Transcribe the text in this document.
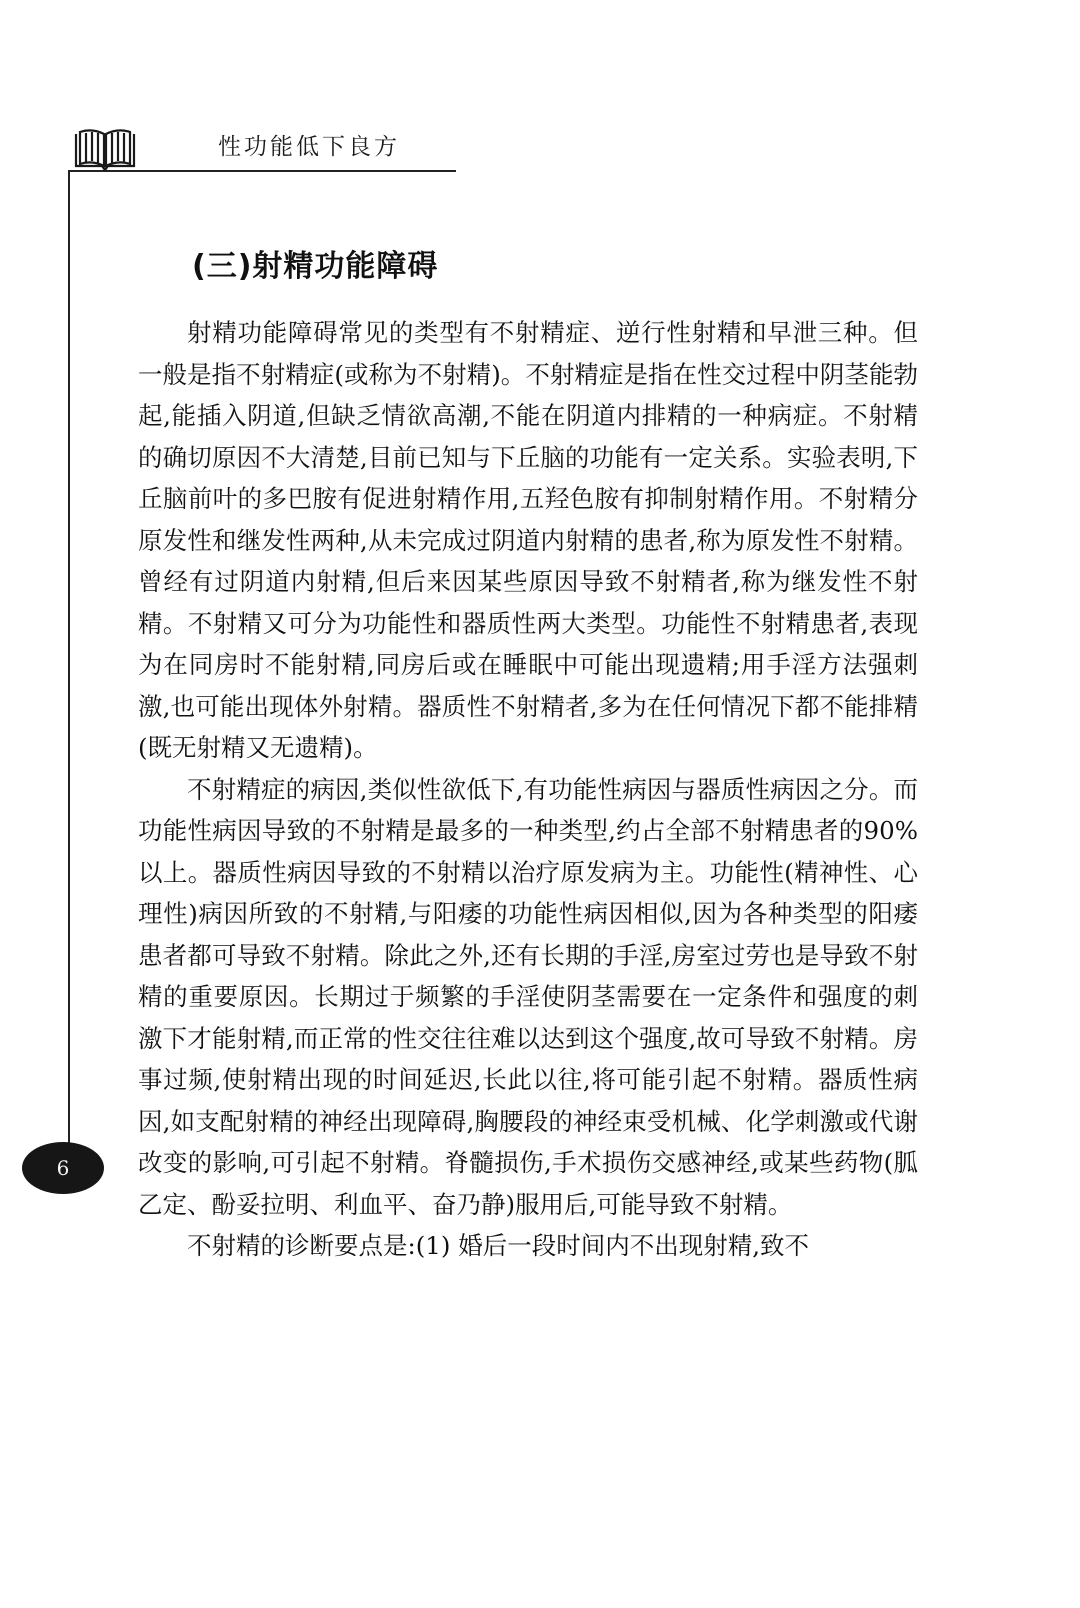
性功能低下良方
6
(三)射精功能障碍

射精功能障碍常见的类型有不射精症、逆行性射精和早泄三种。但一般是指不射精症(或称为不射精)。不射精症是指在性交过程中阴茎能勃起,能插入阴道,但缺乏情欲高潮,不能在阴道内排精的一种病症。不射精的确切原因不大清楚,目前已知与下丘脑的功能有一定关系。实验表明,下丘脑前叶的多巴胺有促进射精作用,五羟色胺有抑制射精作用。不射精分原发性和继发性两种,从未完成过阴道内射精的患者,称为原发性不射精。曾经有过阴道内射精,但后来因某些原因导致不射精者,称为继发性不射精。不射精又可分为功能性和器质性两大类型。功能性不射精患者,表现为在同房时不能射精,同房后或在睡眠中可能出现遗精;用手淫方法强刺激,也可能出现体外射精。器质性不射精者,多为在任何情况下都不能排精(既无射精又无遗精)。

不射精症的病因,类似性欲低下,有功能性病因与器质性病因之分。而功能性病因导致的不射精是最多的一种类型,约占全部不射精患者的90%以上。器质性病因导致的不射精以治疗原发病为主。功能性(精神性、心理性)病因所致的不射精,与阳痿的功能性病因相似,因为各种类型的阳痿患者都可导致不射精。除此之外,还有长期的手淫,房室过劳也是导致不射精的重要原因。长期过于频繁的手淫使阴茎需要在一定条件和强度的刺激下才能射精,而正常的性交往往难以达到这个强度,故可导致不射精。房事过频,使射精出现的时间延迟,长此以往,将可能引起不射精。器质性病因,如支配射精的神经出现障碍,胸腰段的神经束受机械、化学刺激或代谢改变的影响,可引起不射精。脊髓损伤,手术损伤交感神经,或某些药物(胍乙定、酚妥拉明、利血平、奋乃静)服用后,可能导致不射精。

不射精的诊断要点是:(1) 婚后一段时间内不出现射精,致不
